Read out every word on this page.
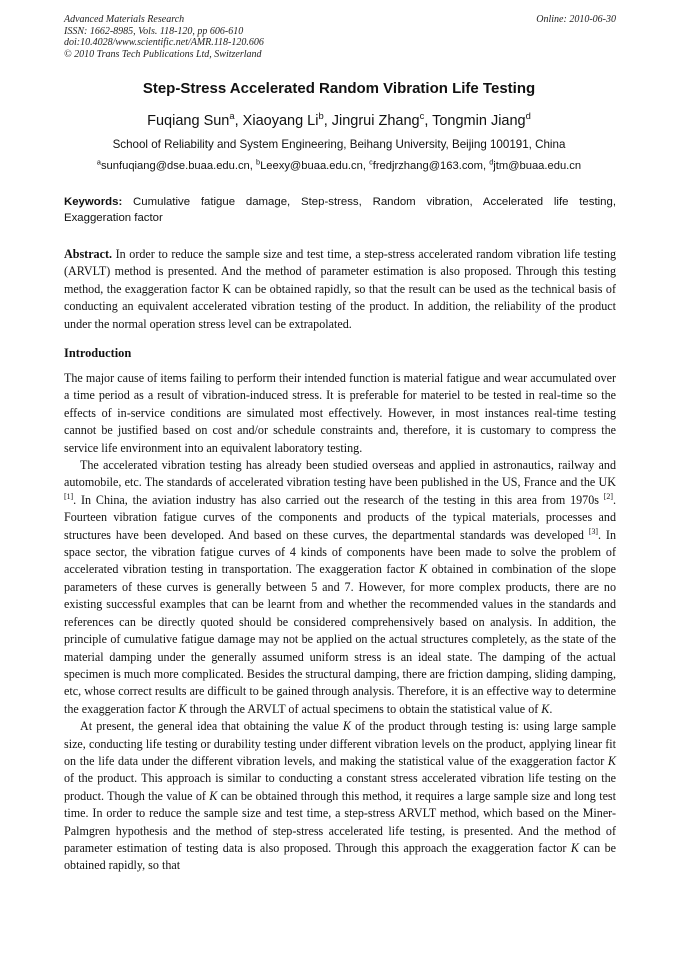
Advanced Materials Research
ISSN: 1662-8985, Vols. 118-120, pp 606-610
doi:10.4028/www.scientific.net/AMR.118-120.606
© 2010 Trans Tech Publications Ltd, Switzerland
Online: 2010-06-30
Step-Stress Accelerated Random Vibration Life Testing
Fuqiang Sun$^a$, Xiaoyang Li$^b$, Jingrui Zhang$^c$, Tongmin Jiang$^d$
School of Reliability and System Engineering, Beihang University, Beijing 100191, China
$^a$sunfuqiang@dse.buaa.edu.cn, $^b$Leexy@buaa.edu.cn, $^c$fredjrzhang@163.com, $^d$jtm@buaa.edu.cn
Keywords: Cumulative fatigue damage, Step-stress, Random vibration, Accelerated life testing, Exaggeration factor
Abstract. In order to reduce the sample size and test time, a step-stress accelerated random vibration life testing (ARVLT) method is presented. And the method of parameter estimation is also proposed. Through this testing method, the exaggeration factor K can be obtained rapidly, so that the result can be used as the technical basis of conducting an equivalent accelerated vibration testing of the product. In addition, the reliability of the product under the normal operation stress level can be extrapolated.
Introduction

The major cause of items failing to perform their intended function is material fatigue and wear accumulated over a time period as a result of vibration-induced stress. It is preferable for materiel to be tested in real-time so the effects of in-service conditions are simulated most effectively. However, in most instances real-time testing cannot be justified based on cost and/or schedule constraints and, therefore, it is customary to compress the service life environment into an equivalent laboratory testing.

The accelerated vibration testing has already been studied overseas and applied in astronautics, railway and automobile, etc. The standards of accelerated vibration testing have been published in the US, France and the UK [1]. In China, the aviation industry has also carried out the research of the testing in this area from 1970s [2]. Fourteen vibration fatigue curves of the components and products of the typical materials, processes and structures have been developed. And based on these curves, the departmental standards was developed [3]. In space sector, the vibration fatigue curves of 4 kinds of components have been made to solve the problem of accelerated vibration testing in transportation. The exaggeration factor K obtained in combination of the slope parameters of these curves is generally between 5 and 7. However, for more complex products, there are no existing successful examples that can be learnt from and whether the recommended values in the standards and references can be directly quoted should be considered comprehensively based on analysis. In addition, the principle of cumulative fatigue damage may not be applied on the actual structures completely, as the state of the material damping under the generally assumed uniform stress is an ideal state. The damping of the actual specimen is much more complicated. Besides the structural damping, there are friction damping, sliding damping, etc, whose correct results are difficult to be gained through analysis. Therefore, it is an effective way to determine the exaggeration factor K through the ARVLT of actual specimens to obtain the statistical value of K.

At present, the general idea that obtaining the value K of the product through testing is: using large sample size, conducting life testing or durability testing under different vibration levels on the product, applying linear fit on the life data under the different vibration levels, and making the statistical value of the exaggeration factor K of the product. This approach is similar to conducting a constant stress accelerated vibration life testing on the product. Though the value of K can be obtained through this method, it requires a large sample size and long test time. In order to reduce the sample size and test time, a step-stress ARVLT method, which based on the Miner-Palmgren hypothesis and the method of step-stress accelerated life testing, is presented. And the method of parameter estimation of testing data is also proposed. Through this approach the exaggeration factor K can be obtained rapidly, so that
